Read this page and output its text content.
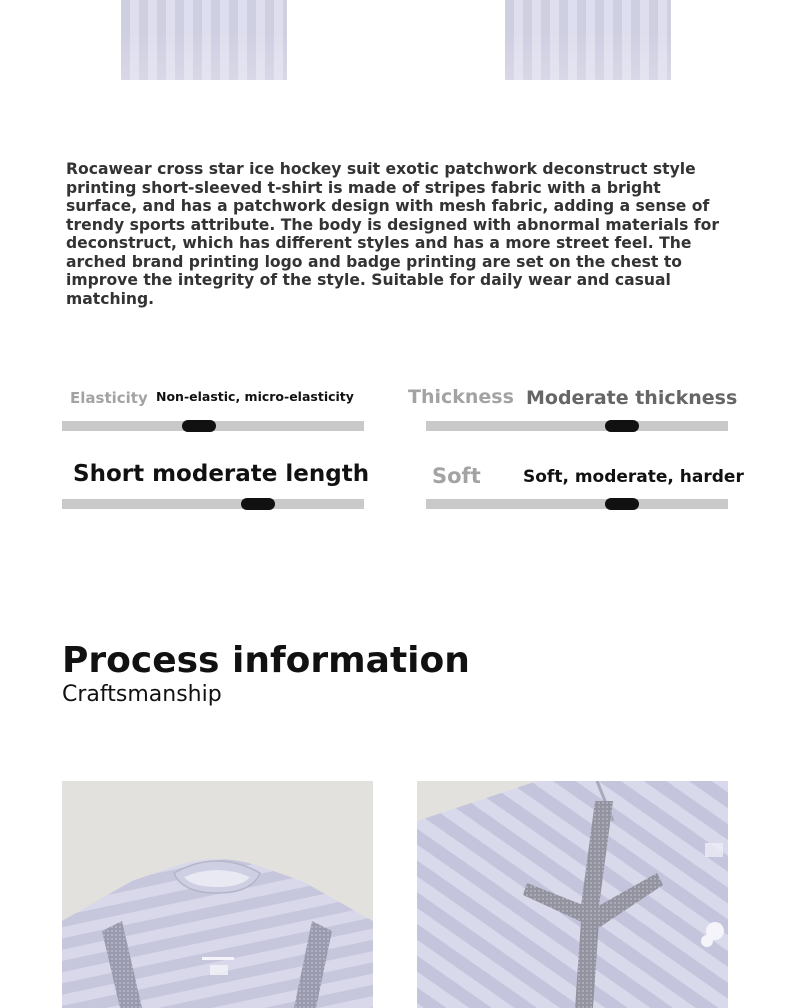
Rocawear cross star ice hockey suit exotic patchwork deconstruct style printing short-sleeved t-shirt is made of stripes fabric with a bright surface, and has a patchwork design with mesh fabric, adding a sense of trendy sports attribute. The body is designed with abnormal materials for deconstruct, which has different styles and has a more street feel. The arched brand printing logo and badge printing are set on the chest to improve the integrity of the style. Suitable for daily wear and casual matching.

Elasticity Non-elastic, micro-elasticity	Thickness Moderate thickness
Short moderate length	Soft Soft, moderate, harder
Process information
Craftsmanship
